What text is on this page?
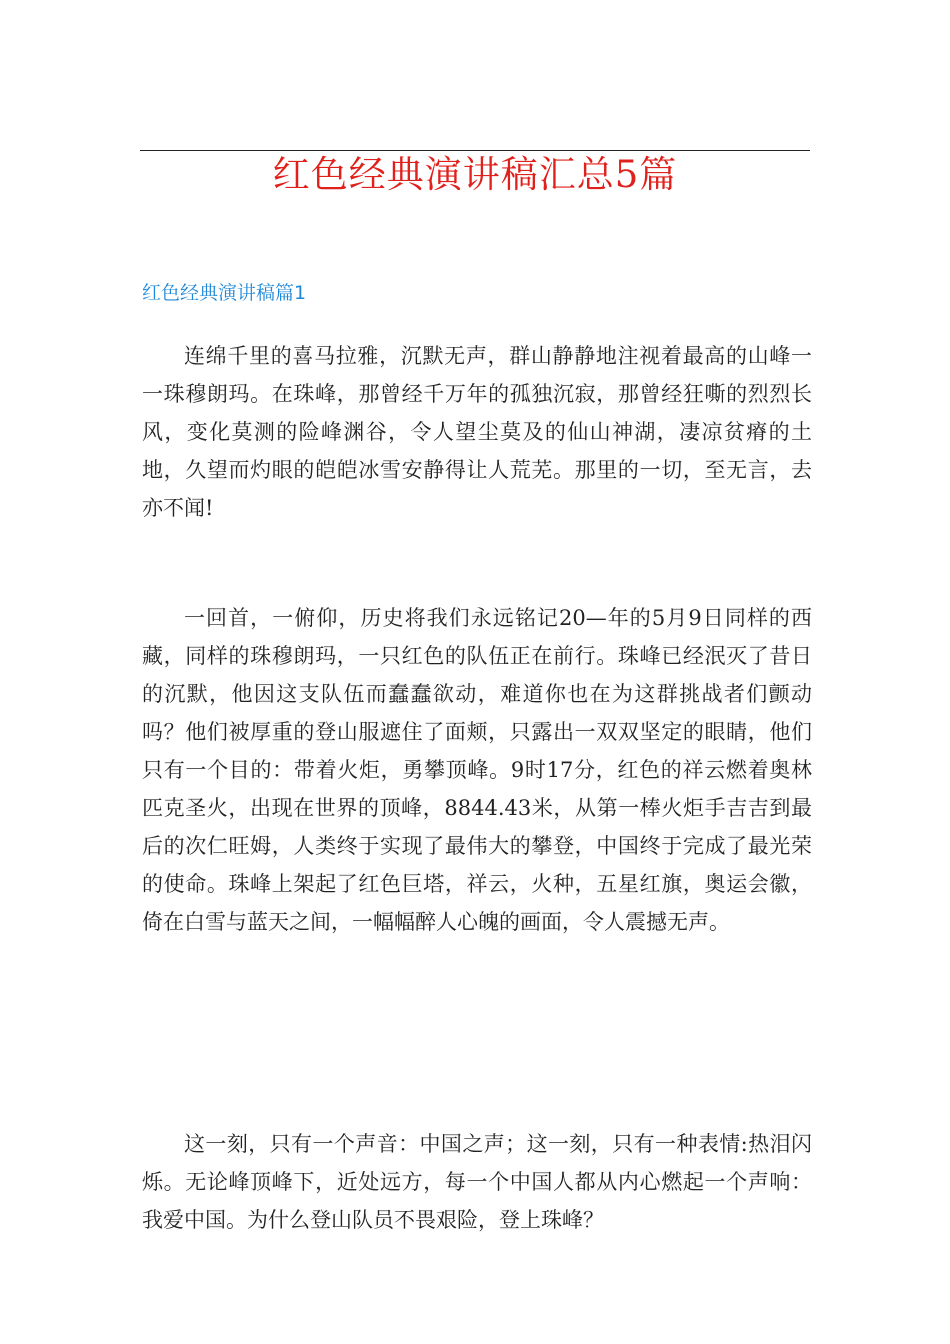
红色经典演讲稿汇总5篇
红色经典演讲稿篇1

连绵千里的喜马拉雅，沉默无声，群山静静地注视着最高的山峰一一珠穆朗玛。在珠峰，那曾经千万年的孤独沉寂，那曾经狂嘶的烈烈长风，变化莫测的险峰渊谷，令人望尘莫及的仙山神湖，凄凉贫瘠的土地，久望而灼眼的皑皑冰雪安静得让人荒芜。那里的一切，至无言，去亦不闻!

一回首，一俯仰，历史将我们永远铭记20—年的5月9日同样的西藏，同样的珠穆朗玛，一只红色的队伍正在前行。珠峰已经泯灭了昔日的沉默，他因这支队伍而蠢蠢欲动，难道你也在为这群挑战者们颤动吗？他们被厚重的登山服遮住了面颊，只露出一双双坚定的眼睛，他们只有一个目的：带着火炬，勇攀顶峰。9时17分，红色的祥云燃着奥林匹克圣火，出现在世界的顶峰，8844.43米，从第一棒火炬手吉吉到最后的次仁旺姆，人类终于实现了最伟大的攀登，中国终于完成了最光荣的使命。珠峰上架起了红色巨塔，祥云，火种，五星红旗，奥运会徽，倚在白雪与蓝天之间，一幅幅醉人心魄的画面，令人震撼无声。

这一刻，只有一个声音：中国之声；这一刻，只有一种表情:热泪闪烁。无论峰顶峰下，近处远方，每一个中国人都从内心燃起一个声响：我爱中国。为什么登山队员不畏艰险，登上珠峰？
